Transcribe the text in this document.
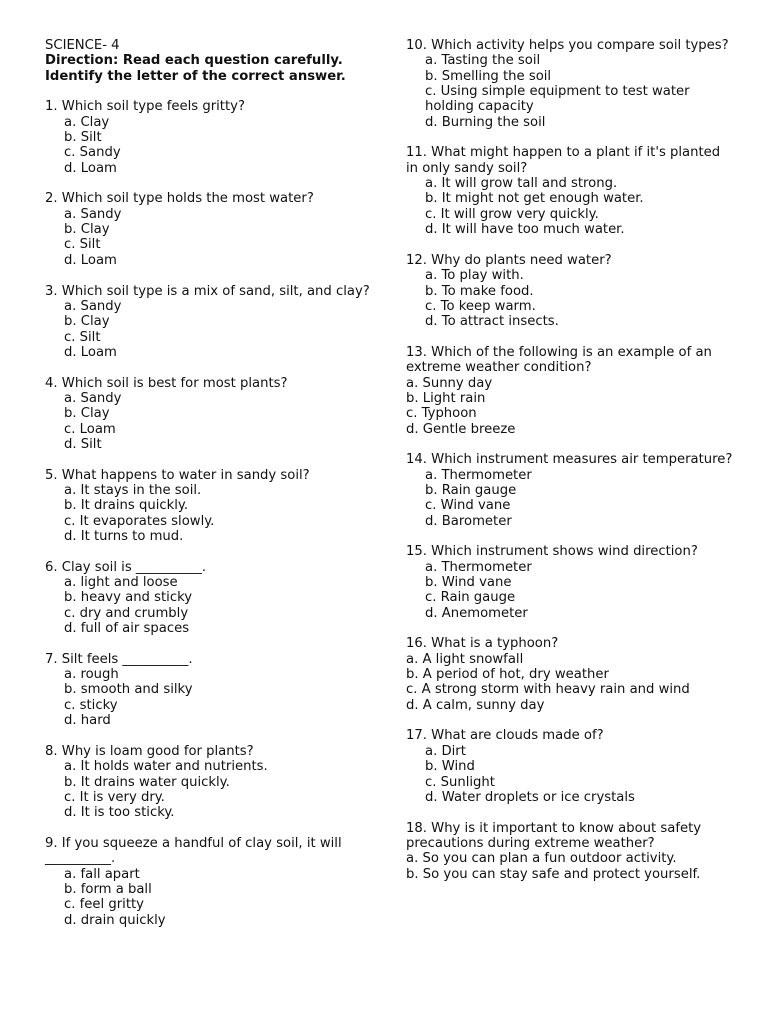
SCIENCE- 4
Direction: Read each question carefully. Identify the letter of the correct answer.
1. Which soil type feels gritty?
a. Clay
b. Silt
c. Sandy
d. Loam
2. Which soil type holds the most water?
a. Sandy
b. Clay
c. Silt
d. Loam
3. Which soil type is a mix of sand, silt, and clay?
a. Sandy
b. Clay
c. Silt
d. Loam
4. Which soil is best for most plants?
a. Sandy
b. Clay
c. Loam
d. Silt
5. What happens to water in sandy soil?
a. It stays in the soil.
b. It drains quickly.
c. It evaporates slowly.
d. It turns to mud.
6. Clay soil is __________.
a. light and loose
b. heavy and sticky
c. dry and crumbly
d. full of air spaces
7. Silt feels __________.
a. rough
b. smooth and silky
c. sticky
d. hard
8. Why is loam good for plants?
a. It holds water and nutrients.
b. It drains water quickly.
c. It is very dry.
d. It is too sticky.
9. If you squeeze a handful of clay soil, it will __________.
a. fall apart
b. form a ball
c. feel gritty
d. drain quickly
10. Which activity helps you compare soil types?
a. Tasting the soil
b. Smelling the soil
c. Using simple equipment to test water holding capacity
d. Burning the soil
11. What might happen to a plant if it's planted in only sandy soil?
a. It will grow tall and strong.
b. It might not get enough water.
c. It will grow very quickly.
d. It will have too much water.
12. Why do plants need water?
a. To play with.
b. To make food.
c. To keep warm.
d. To attract insects.
13. Which of the following is an example of an extreme weather condition?
a. Sunny day
b. Light rain
c. Typhoon
d. Gentle breeze
14. Which instrument measures air temperature?
a. Thermometer
b. Rain gauge
c. Wind vane
d. Barometer
15. Which instrument shows wind direction?
a. Thermometer
b. Wind vane
c. Rain gauge
d. Anemometer
16. What is a typhoon?
a. A light snowfall
b. A period of hot, dry weather
c. A strong storm with heavy rain and wind
d. A calm, sunny day
17. What are clouds made of?
a. Dirt
b. Wind
c. Sunlight
d. Water droplets or ice crystals
18. Why is it important to know about safety precautions during extreme weather?
a. So you can plan a fun outdoor activity.
b. So you can stay safe and protect yourself.
